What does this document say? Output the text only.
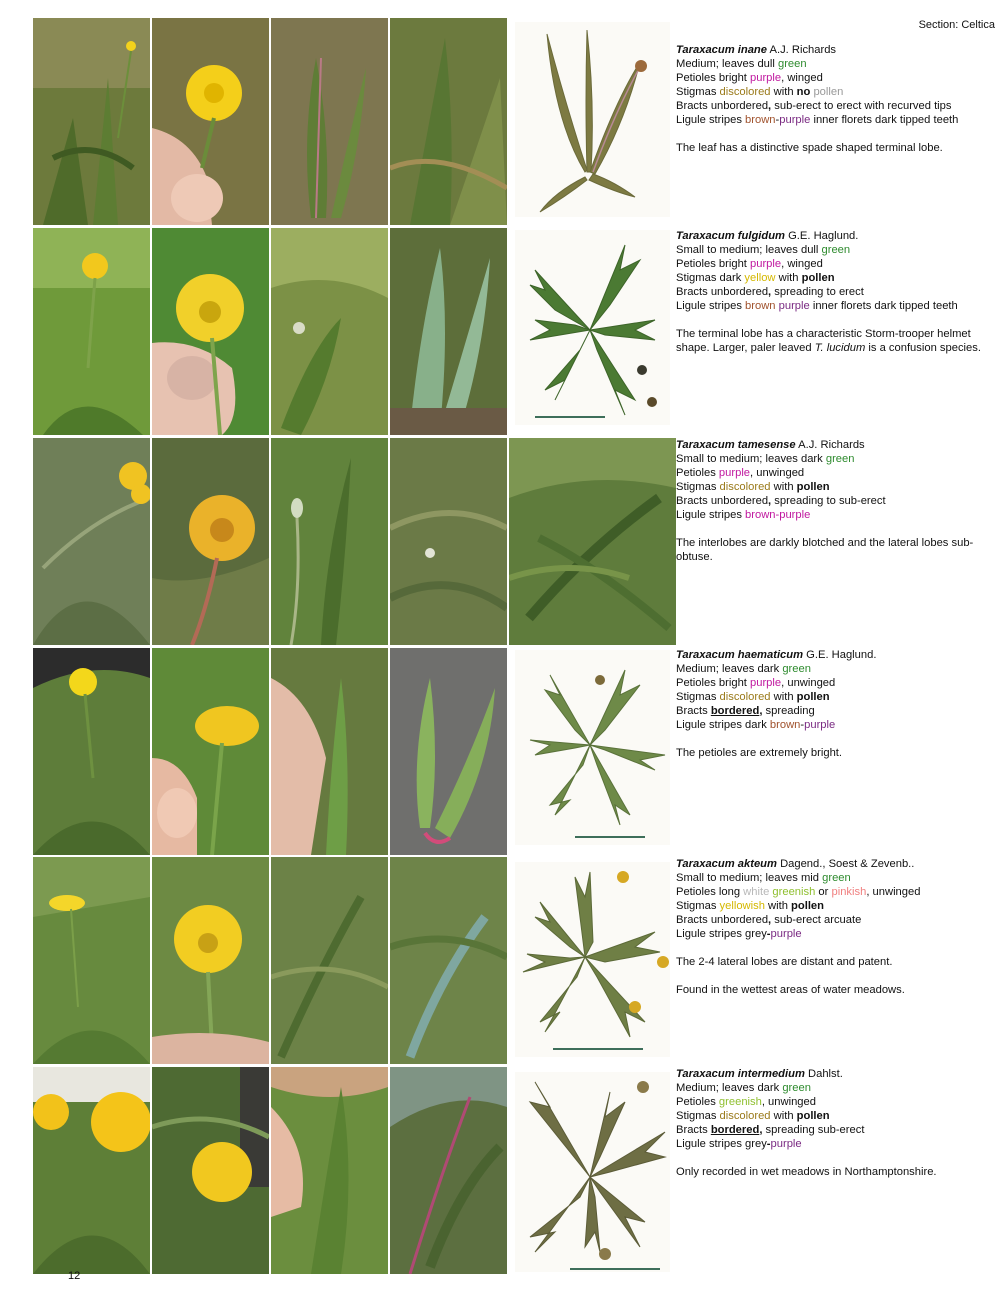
Section: Celtica

Taraxacum inane A.J. Richards

Medium; leaves dull green

Petioles bright purple, winged

Stigmas discolored with no pollen

Bracts unbordered, sub-erect to erect with recurved tips

Ligule stripes brown-purple inner florets dark tipped teeth

The leaf has a distinctive spade shaped terminal lobe.

Taraxacum fulgidum G.E. Haglund.

Small to medium; leaves dull green

Petioles bright purple, winged

Stigmas dark yellow with pollen

Bracts unbordered, spreading to erect

Ligule stripes brown purple inner florets dark tipped teeth

The terminal lobe has a characteristic Storm-trooper helmet shape. Larger, paler leaved T. lucidum is a confusion species.

Taraxacum tamesense A.J. Richards

Small to medium; leaves dark green

Petioles purple, unwinged

Stigmas discolored with pollen

Bracts unbordered, spreading to sub-erect

Ligule stripes brown-purple

The interlobes are darkly blotched and the lateral lobes sub-obtuse.

Taraxacum haematicum G.E. Haglund.

Medium; leaves dark green

Petioles bright purple, unwinged

Stigmas discolored with pollen

Bracts bordered, spreading

Ligule stripes dark brown-purple

The petioles are extremely bright.

Taraxacum akteum Dagend., Soest & Zevenb..

Small to medium; leaves mid green

Petioles long white greenish or pinkish, unwinged

Stigmas yellowish with pollen

Bracts unbordered, sub-erect arcuate

Ligule stripes grey-purple

The 2-4 lateral lobes are distant and patent.

Found in the wettest areas of water meadows.

Taraxacum intermedium Dahlst.

Medium; leaves dark green

Petioles greenish, unwinged

Stigmas discolored with pollen

Bracts bordered, spreading sub-erect

Ligule stripes grey-purple

Only recorded in wet meadows in Northamptonshire.

12
